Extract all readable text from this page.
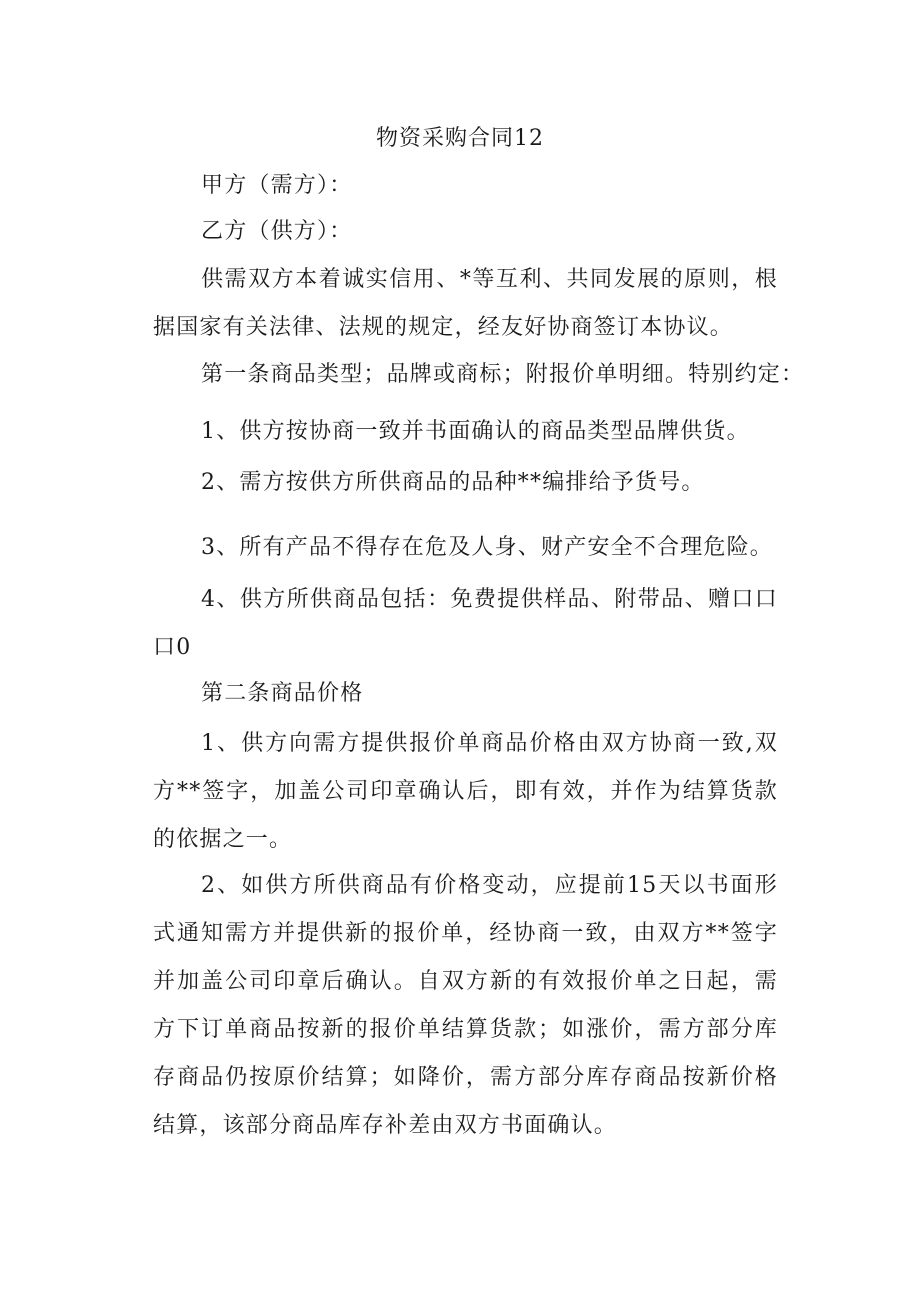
物资采购合同12

甲方（需方）：

乙方（供方）：

供需双方本着诚实信用、*等互利、共同发展的原则，根据国家有关法律、法规的规定，经友好协商签订本协议。

第一条商品类型；品牌或商标；附报价单明细。特别约定：

1、供方按协商一致并书面确认的商品类型品牌供货。

2、需方按供方所供商品的品种**编排给予货号。

3、所有产品不得存在危及人身、财产安全不合理危险。

4、供方所供商品包括：免费提供样品、附带品、赠口口口0

第二条商品价格

1、供方向需方提供报价单商品价格由双方协商一致,双方**签字，加盖公司印章确认后，即有效，并作为结算货款的依据之一。

2、如供方所供商品有价格变动，应提前15天以书面形式通知需方并提供新的报价单，经协商一致，由双方**签字并加盖公司印章后确认。自双方新的有效报价单之日起，需方下订单商品按新的报价单结算货款；如涨价，需方部分库存商品仍按原价结算；如降价，需方部分库存商品按新价格结算，该部分商品库存补差由双方书面确认。
